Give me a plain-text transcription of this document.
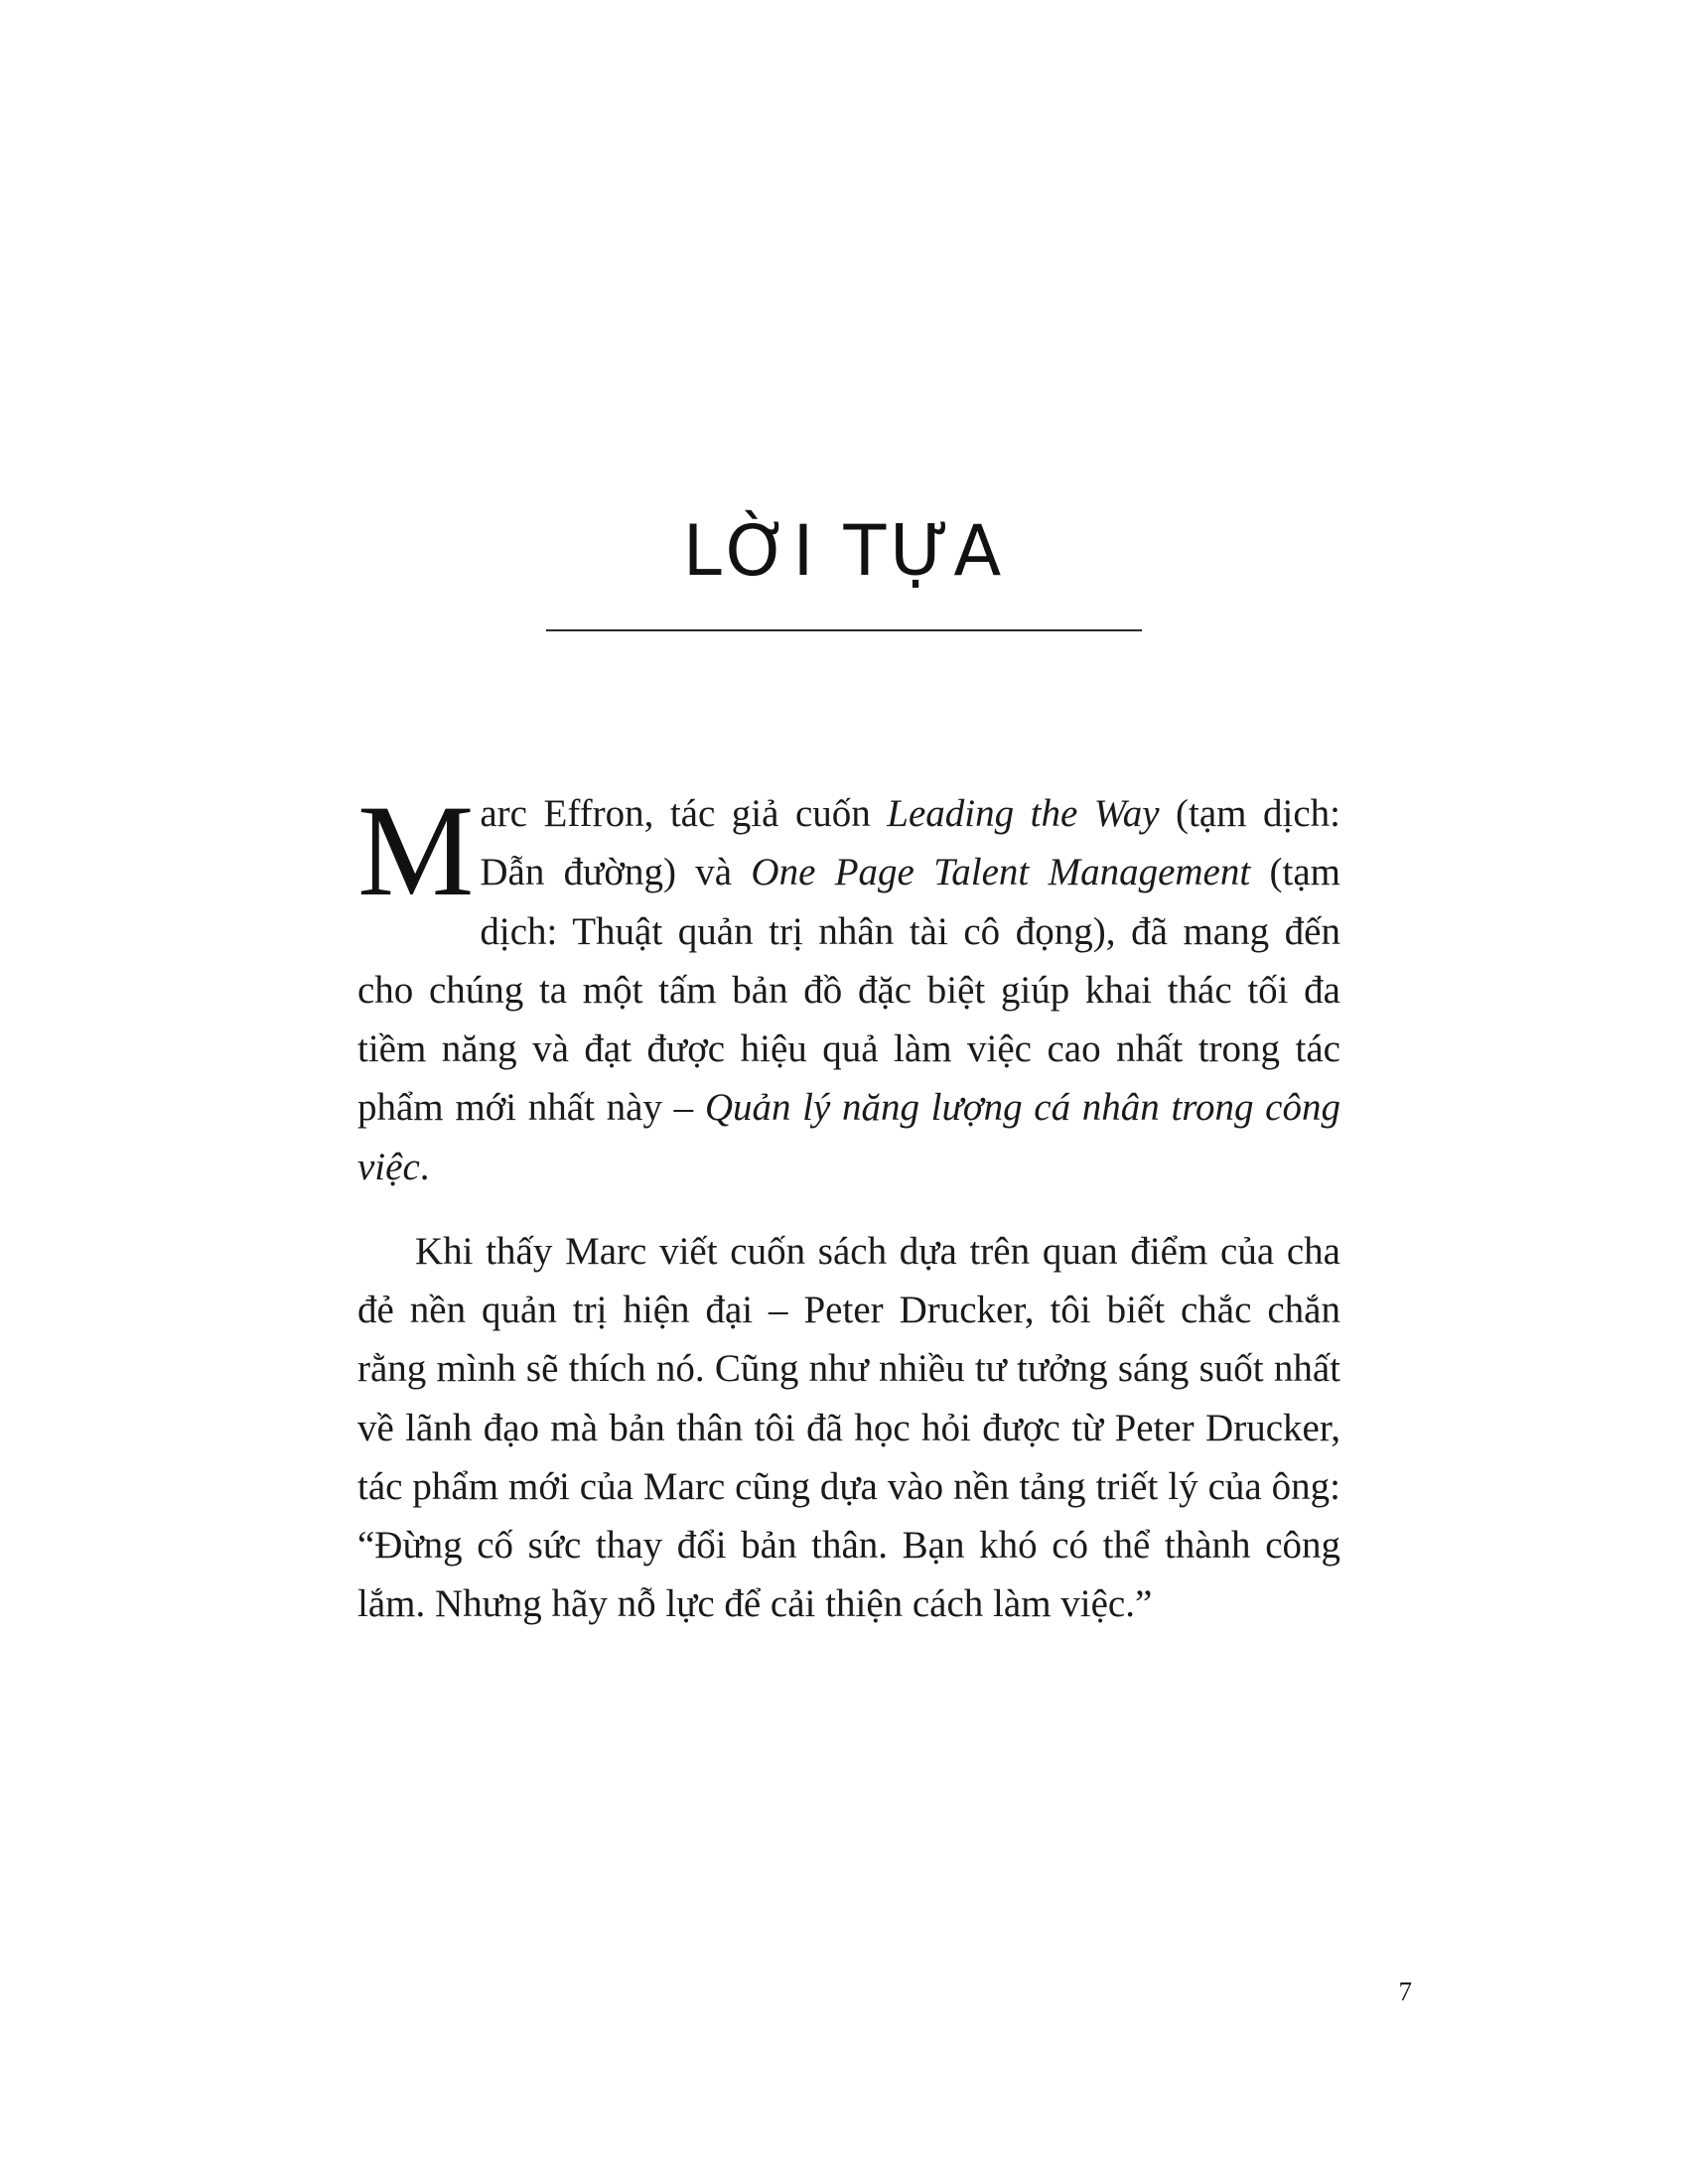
LỜI TỰA

Marc Effron, tác giả cuốn Leading the Way (tạm dịch: Dẫn đường) và One Page Talent Management (tạm dịch: Thuật quản trị nhân tài cô đọng), đã mang đến cho chúng ta một tấm bản đồ đặc biệt giúp khai thác tối đa tiềm năng và đạt được hiệu quả làm việc cao nhất trong tác phẩm mới nhất này – Quản lý năng lượng cá nhân trong công việc.

Khi thấy Marc viết cuốn sách dựa trên quan điểm của cha đẻ nền quản trị hiện đại – Peter Drucker, tôi biết chắc chắn rằng mình sẽ thích nó. Cũng như nhiều tư tưởng sáng suốt nhất về lãnh đạo mà bản thân tôi đã học hỏi được từ Peter Drucker, tác phẩm mới của Marc cũng dựa vào nền tảng triết lý của ông: “Đừng cố sức thay đổi bản thân. Bạn khó có thể thành công lắm. Nhưng hãy nỗ lực để cải thiện cách làm việc.”

7
